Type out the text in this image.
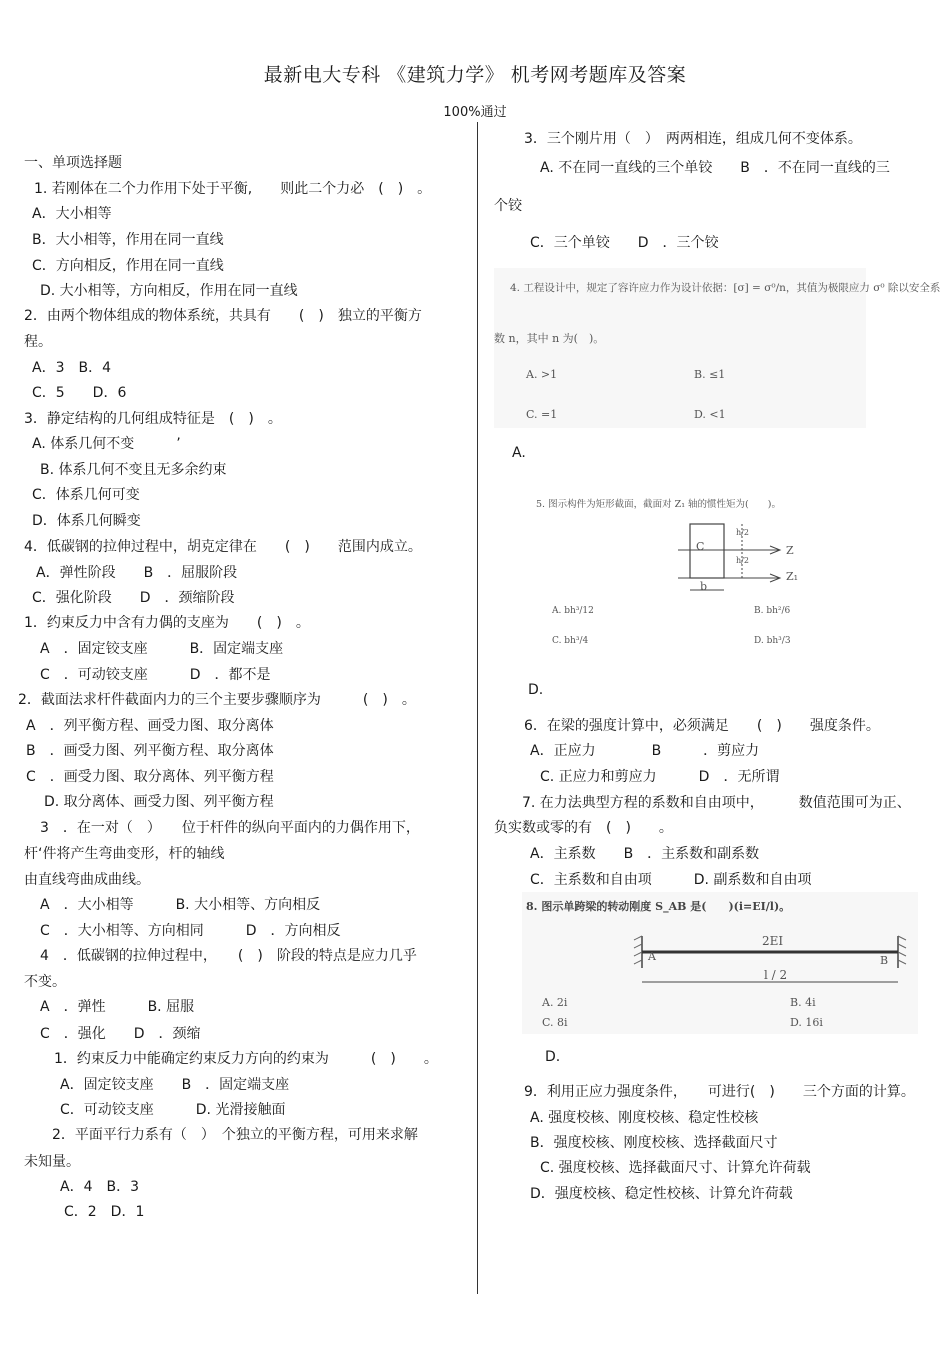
最新电大专科 《建筑力学》 机考网考题库及答案
100%通过
一、单项选择题
1. 若刚体在二个力作用下处于平衡,　　则此二个力必　(　)　。
A．大小相等
B．大小相等，作用在同一直线
C．方向相反，作用在同一直线
D. 大小相等，方向相反，作用在同一直线
2．由两个物体组成的物体系统，共具有　　(　)　独立的平衡方
程。
A．3　B．4
C．5　　D．6
3．静定结构的几何组成特征是　(　)　。
A. 体系几何不变　　　’
B. 体系几何不变且无多余约束
C．体系几何可变
D．体系几何瞬变
4．低碳钢的拉伸过程中，胡克定律在　　(　)　　范围内成立。
A．弹性阶段　　B　．屈服阶段
C．强化阶段　　D　．颈缩阶段
1．约束反力中含有力偶的支座为　　(　)　。
A　．固定铰支座　　　B．固定端支座
C　．可动铰支座　　　D　．都不是
2．截面法求杆件截面内力的三个主要步骤顺序为　　　(　)　。
A　．列平衡方程、画受力图、取分离体
B　．画受力图、列平衡方程、取分离体
C　．画受力图、取分离体、列平衡方程
D. 取分离体、画受力图、列平衡方程
3　．在一对（　）　　位于杆件的纵向平面内的力偶作用下，
杆‘件将产生弯曲变形，杆的轴线
由直线弯曲成曲线。
A　．大小相等　　　B. 大小相等、方向相反
C　．大小相等、方向相同　　　D　．方向相反
4　．低碳钢的拉伸过程中，　　(　)　阶段的特点是应力几乎
不变。
A　．弹性　　　B. 屈服
C　．强化　　D　．颈缩
1．约束反力中能确定约束反力方向的约束为　　　(　)　　。
A．固定铰支座　　B　．固定端支座
C．可动铰支座　　　D. 光滑接触面
2．平面平行力系有（　）　个独立的平衡方程，可用来求解
未知量。
A．4　B．3
C．2　D．1
3．三个刚片用（　）　两两相连，组成几何不变体系。
A. 不在同一直线的三个单铰　　B　．不在同一直线的三
个铰
C．三个单铰　　D　．三个铰
A.
D.
6．在梁的强度计算中，必须满足　　(　)　　强度条件。
A．正应力　　　　B　　　．剪应力
C. 正应力和剪应力　　　D　．无所谓
7. 在力法典型方程的系数和自由项中，　　　数值范围可为正、
负实数或零的有　(　)　　。
A．主系数　　B　．主系数和副系数
C．主系数和自由项　　　D. 副系数和自由项
D.
9．利用正应力强度条件，　　可进行(　)　　三个方面的计算。
A. 强度校核、刚度校核、稳定性校核
B．强度校核、刚度校核、选择截面尺寸
C. 强度校核、选择截面尺寸、计算允许荷载
D．强度校核、稳定性校核、计算允许荷载
4. 工程设计中，规定了容许应力作为设计依据：[σ] = σ⁰/n，其值为极限应力 σ⁰ 除以安全系
数 n，其中 n 为(　)。
A. >1	B. ≤1
C. =1	D. <1
5. 图示构件为矩形截面，截面对 Z₁ 轴的惯性矩为(　　)。
C
h/2
h/2
Z
Z₁
b
A. bh³/12	B. bh²/6
C. bh³/4	D. bh³/3
8. 图示单跨梁的转动刚度 S_AB 是(　　)(i=EI/l)。
2EI
A	B
l / 2
A. 2i	B. 4i
C. 8i	D. 16i
